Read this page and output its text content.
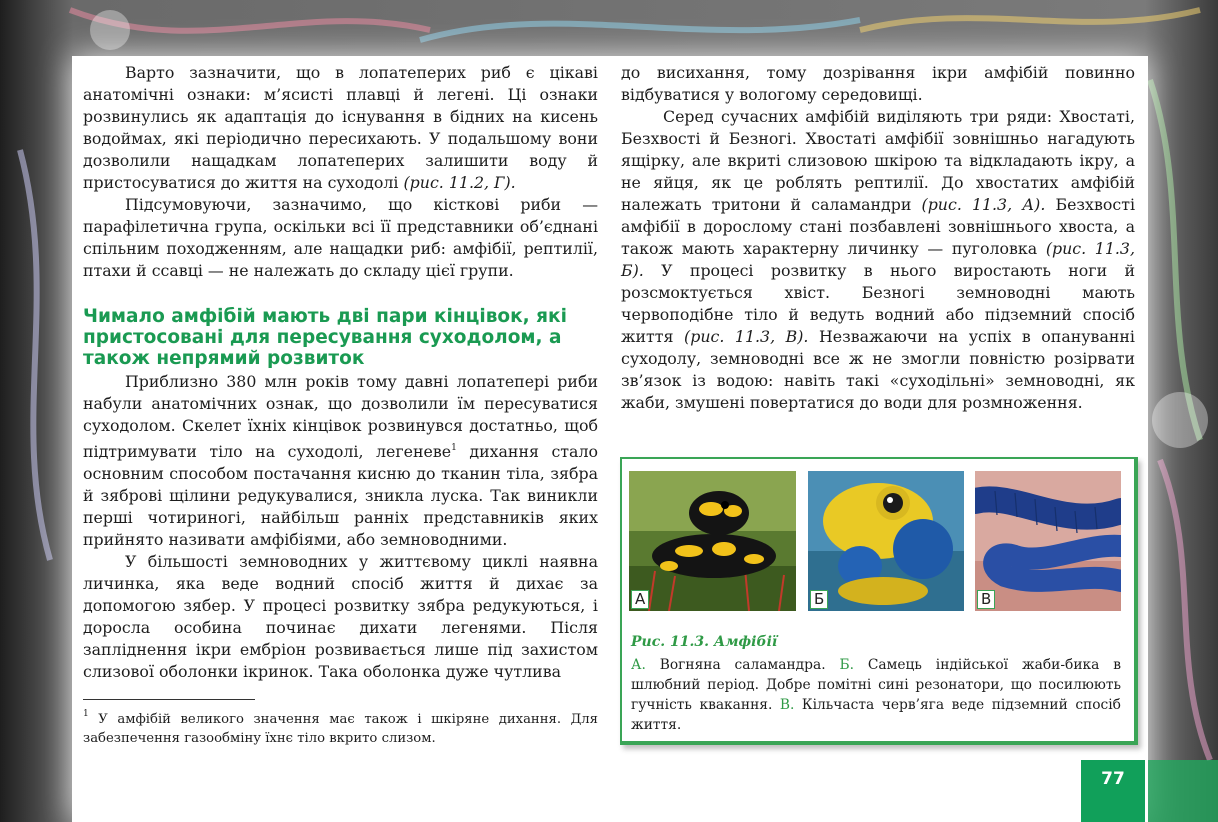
Варто зазначити, що в лопатеперих риб є цікаві анатомічні ознаки: м’ясисті плавці й легені. Ці ознаки розвинулись як адаптація до існування в бідних на кисень водоймах, які періодично пересихають. У подальшому вони дозволили нащадкам лопатеперих залишити воду й пристосуватися до життя на суходолі (рис. 11.2, Г).

Підсумовуючи, зазначимо, що кісткові риби — парафілетична група, оскільки всі її представники об’єднані спільним походженням, але нащадки риб: амфібії, рептилії, птахи й ссавці — не належать до складу цієї групи.

Чимало амфібій мають дві пари кінцівок, які пристосовані для пересування суходолом, а також непрямий розвиток

Приблизно 380 млн років тому давні лопатепері риби набули анатомічних ознак, що дозволили їм пересуватися суходолом. Скелет їхніх кінцівок розвинувся достатньо, щоб підтримувати тіло на суходолі, легеневе$^1$ дихання стало основним способом постачання кисню до тканин тіла, зябра й зяброві щілини редукувалися, зникла луска. Так виникли перші чотириногі, найбільш ранніх представників яких прийнято називати амфібіями, або земноводними.

У більшості земноводних у життєвому циклі наявна личинка, яка веде водний спосіб життя й дихає за допомогою зябер. У процесі розвитку зябра редукуються, і доросла особина починає дихати легенями. Після запліднення ікри ембріон розвивається лише під захистом слизової оболонки ікринок. Така оболонка дуже чутлива

$^1$ У амфібій великого значення має також і шкіряне дихання. Для забезпечення газообміну їхнє тіло вкрито слизом.

до висихання, тому дозрівання ікри амфібій повинно відбуватися у вологому середовищі.

Серед сучасних амфібій виділяють три ряди: Хвостаті, Безхвості й Безногі. Хвостаті амфібії зовнішньо нагадують ящірку, але вкриті слизовою шкірою та відкладають ікру, а не яйця, як це роблять рептилії. До хвостатих амфібій належать тритони й саламандри (рис. 11.3, А). Безхвості амфібії в дорослому стані позбавлені зовнішнього хвоста, а також мають характерну личинку — пуголовка (рис. 11.3, Б). У процесі розвитку в нього виростають ноги й розсмоктується хвіст. Безногі земноводні мають червоподібне тіло й ведуть водний або підземний спосіб життя (рис. 11.3, В). Незважаючи на успіх в опануванні суходолу, земноводні все ж не змогли повністю розірвати зв’язок із водою: навіть такі «суходільні» земноводні, як жаби, змушені повертатися до води для розмноження.

А	Б	В
Рис. 11.3. Амфібії
А. Вогняна саламандра. Б. Самець індійської жаби-бика в шлюбний період. Добре помітні сині резонатори, що посилюють гучність квакання. В. Кільчаста черв’яга веде підземний спосіб життя.
77
